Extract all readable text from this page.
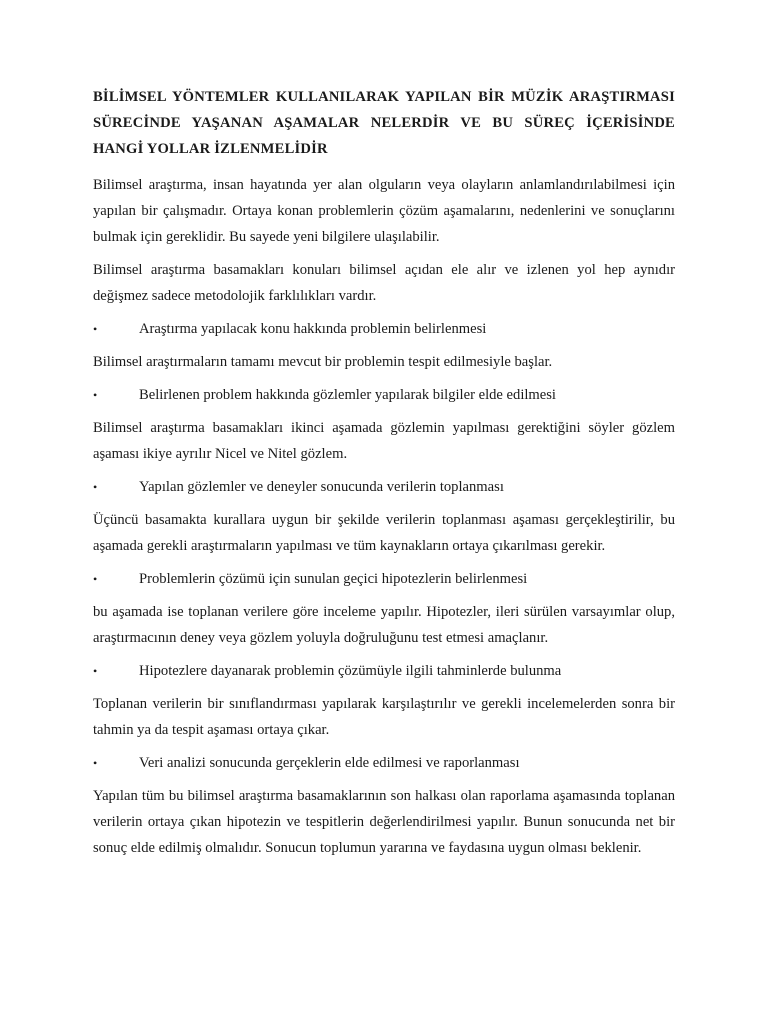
BİLİMSEL YÖNTEMLER KULLANILARAK YAPILAN BİR MÜZİK ARAŞTIRMASI SÜRECİNDE YAŞANAN AŞAMALAR NELERDİR VE BU SÜREÇ İÇERİSİNDE HANGİ YOLLAR İZLENMELİDİR
Bilimsel araştırma, insan hayatında yer alan olguların veya olayların anlamlandırılabilmesi için yapılan bir çalışmadır. Ortaya konan problemlerin çözüm aşamalarını, nedenlerini ve sonuçlarını bulmak için gereklidir. Bu sayede yeni bilgilere ulaşılabilir.
Bilimsel araştırma basamakları konuları bilimsel açıdan ele alır ve izlenen yol hep aynıdır değişmez sadece metodolojik farklılıkları vardır.
•	Araştırma yapılacak konu hakkında problemin belirlenmesi
Bilimsel araştırmaların tamamı mevcut bir problemin tespit edilmesiyle başlar.
•	Belirlenen problem hakkında gözlemler yapılarak bilgiler elde edilmesi
Bilimsel araştırma basamakları ikinci aşamada gözlemin yapılması gerektiğini söyler gözlem aşaması ikiye ayrılır Nicel ve Nitel gözlem.
•	Yapılan gözlemler ve deneyler sonucunda verilerin toplanması
Üçüncü basamakta kurallara uygun bir şekilde verilerin toplanması aşaması gerçekleştirilir, bu aşamada gerekli araştırmaların yapılması ve tüm kaynakların ortaya çıkarılması gerekir.
•	Problemlerin çözümü için sunulan geçici hipotezlerin belirlenmesi
bu aşamada ise toplanan verilere göre inceleme yapılır. Hipotezler, ileri sürülen varsayımlar olup, araştırmacının deney veya gözlem yoluyla doğruluğunu test etmesi amaçlanır.
•	Hipotezlere dayanarak problemin çözümüyle ilgili tahminlerde bulunma
Toplanan verilerin bir sınıflandırması yapılarak karşılaştırılır ve gerekli incelemelerden sonra bir tahmin ya da tespit aşaması ortaya çıkar.
•	Veri analizi sonucunda gerçeklerin elde edilmesi ve raporlanması
Yapılan tüm bu bilimsel araştırma basamaklarının son halkası olan raporlama aşamasında toplanan verilerin ortaya çıkan hipotezin ve tespitlerin değerlendirilmesi yapılır. Bunun sonucunda net bir sonuç elde edilmiş olmalıdır. Sonucun toplumun yararına ve faydasına uygun olması beklenir.
